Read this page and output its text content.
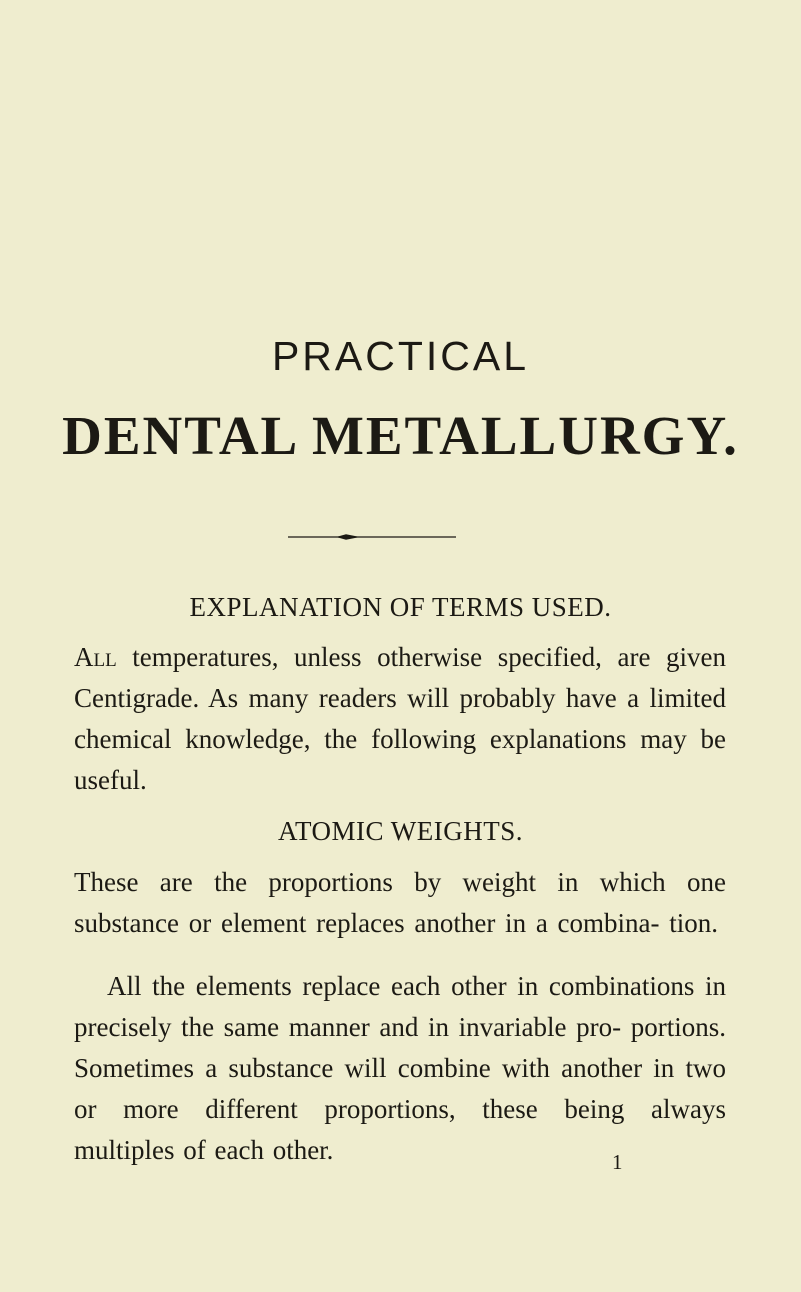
PRACTICAL
DENTAL METALLURGY.
EXPLANATION OF TERMS USED.

All temperatures, unless otherwise specified, are given Centigrade. As many readers will probably have a limited chemical knowledge, the following explanations may be useful.

ATOMIC WEIGHTS.

These are the proportions by weight in which one substance or element replaces another in a combina- tion.

All the elements replace each other in combinations in precisely the same manner and in invariable pro- portions. Sometimes a substance will combine with another in two or more different proportions, these being always multiples of each other.	1
